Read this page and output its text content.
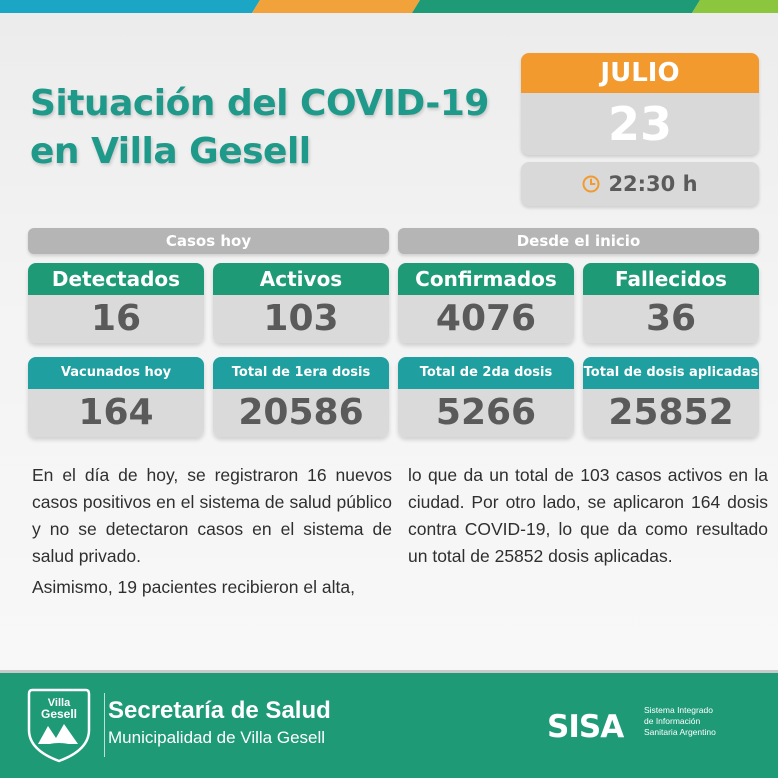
Situación del COVID-19
en Villa Gesell
JULIO
23
22:30 h
Casos hoy	Desde el inicio
Detectados
16
Activos
103
Confirmados
4076
Fallecidos
36
Vacunados hoy
164
Total de 1era dosis
20586
Total de 2da dosis
5266
Total de dosis aplicadas
25852

En el día de hoy, se registraron 16 nuevos casos positivos en el sistema de salud público y no se detectaron casos en el sistema de salud privado.

Asimismo, 19 pacientes recibieron el alta,

lo que da un total de 103 casos activos en la ciudad. Por otro lado, se aplicaron 164 dosis contra COVID-19, lo que da como resultado un total de 25852 dosis aplicadas.

Villa
Gesell Secretaría de Salud
Municipalidad de Villa Gesell	SISA Sistema Integrado
de Información
Sanitaria Argentino
